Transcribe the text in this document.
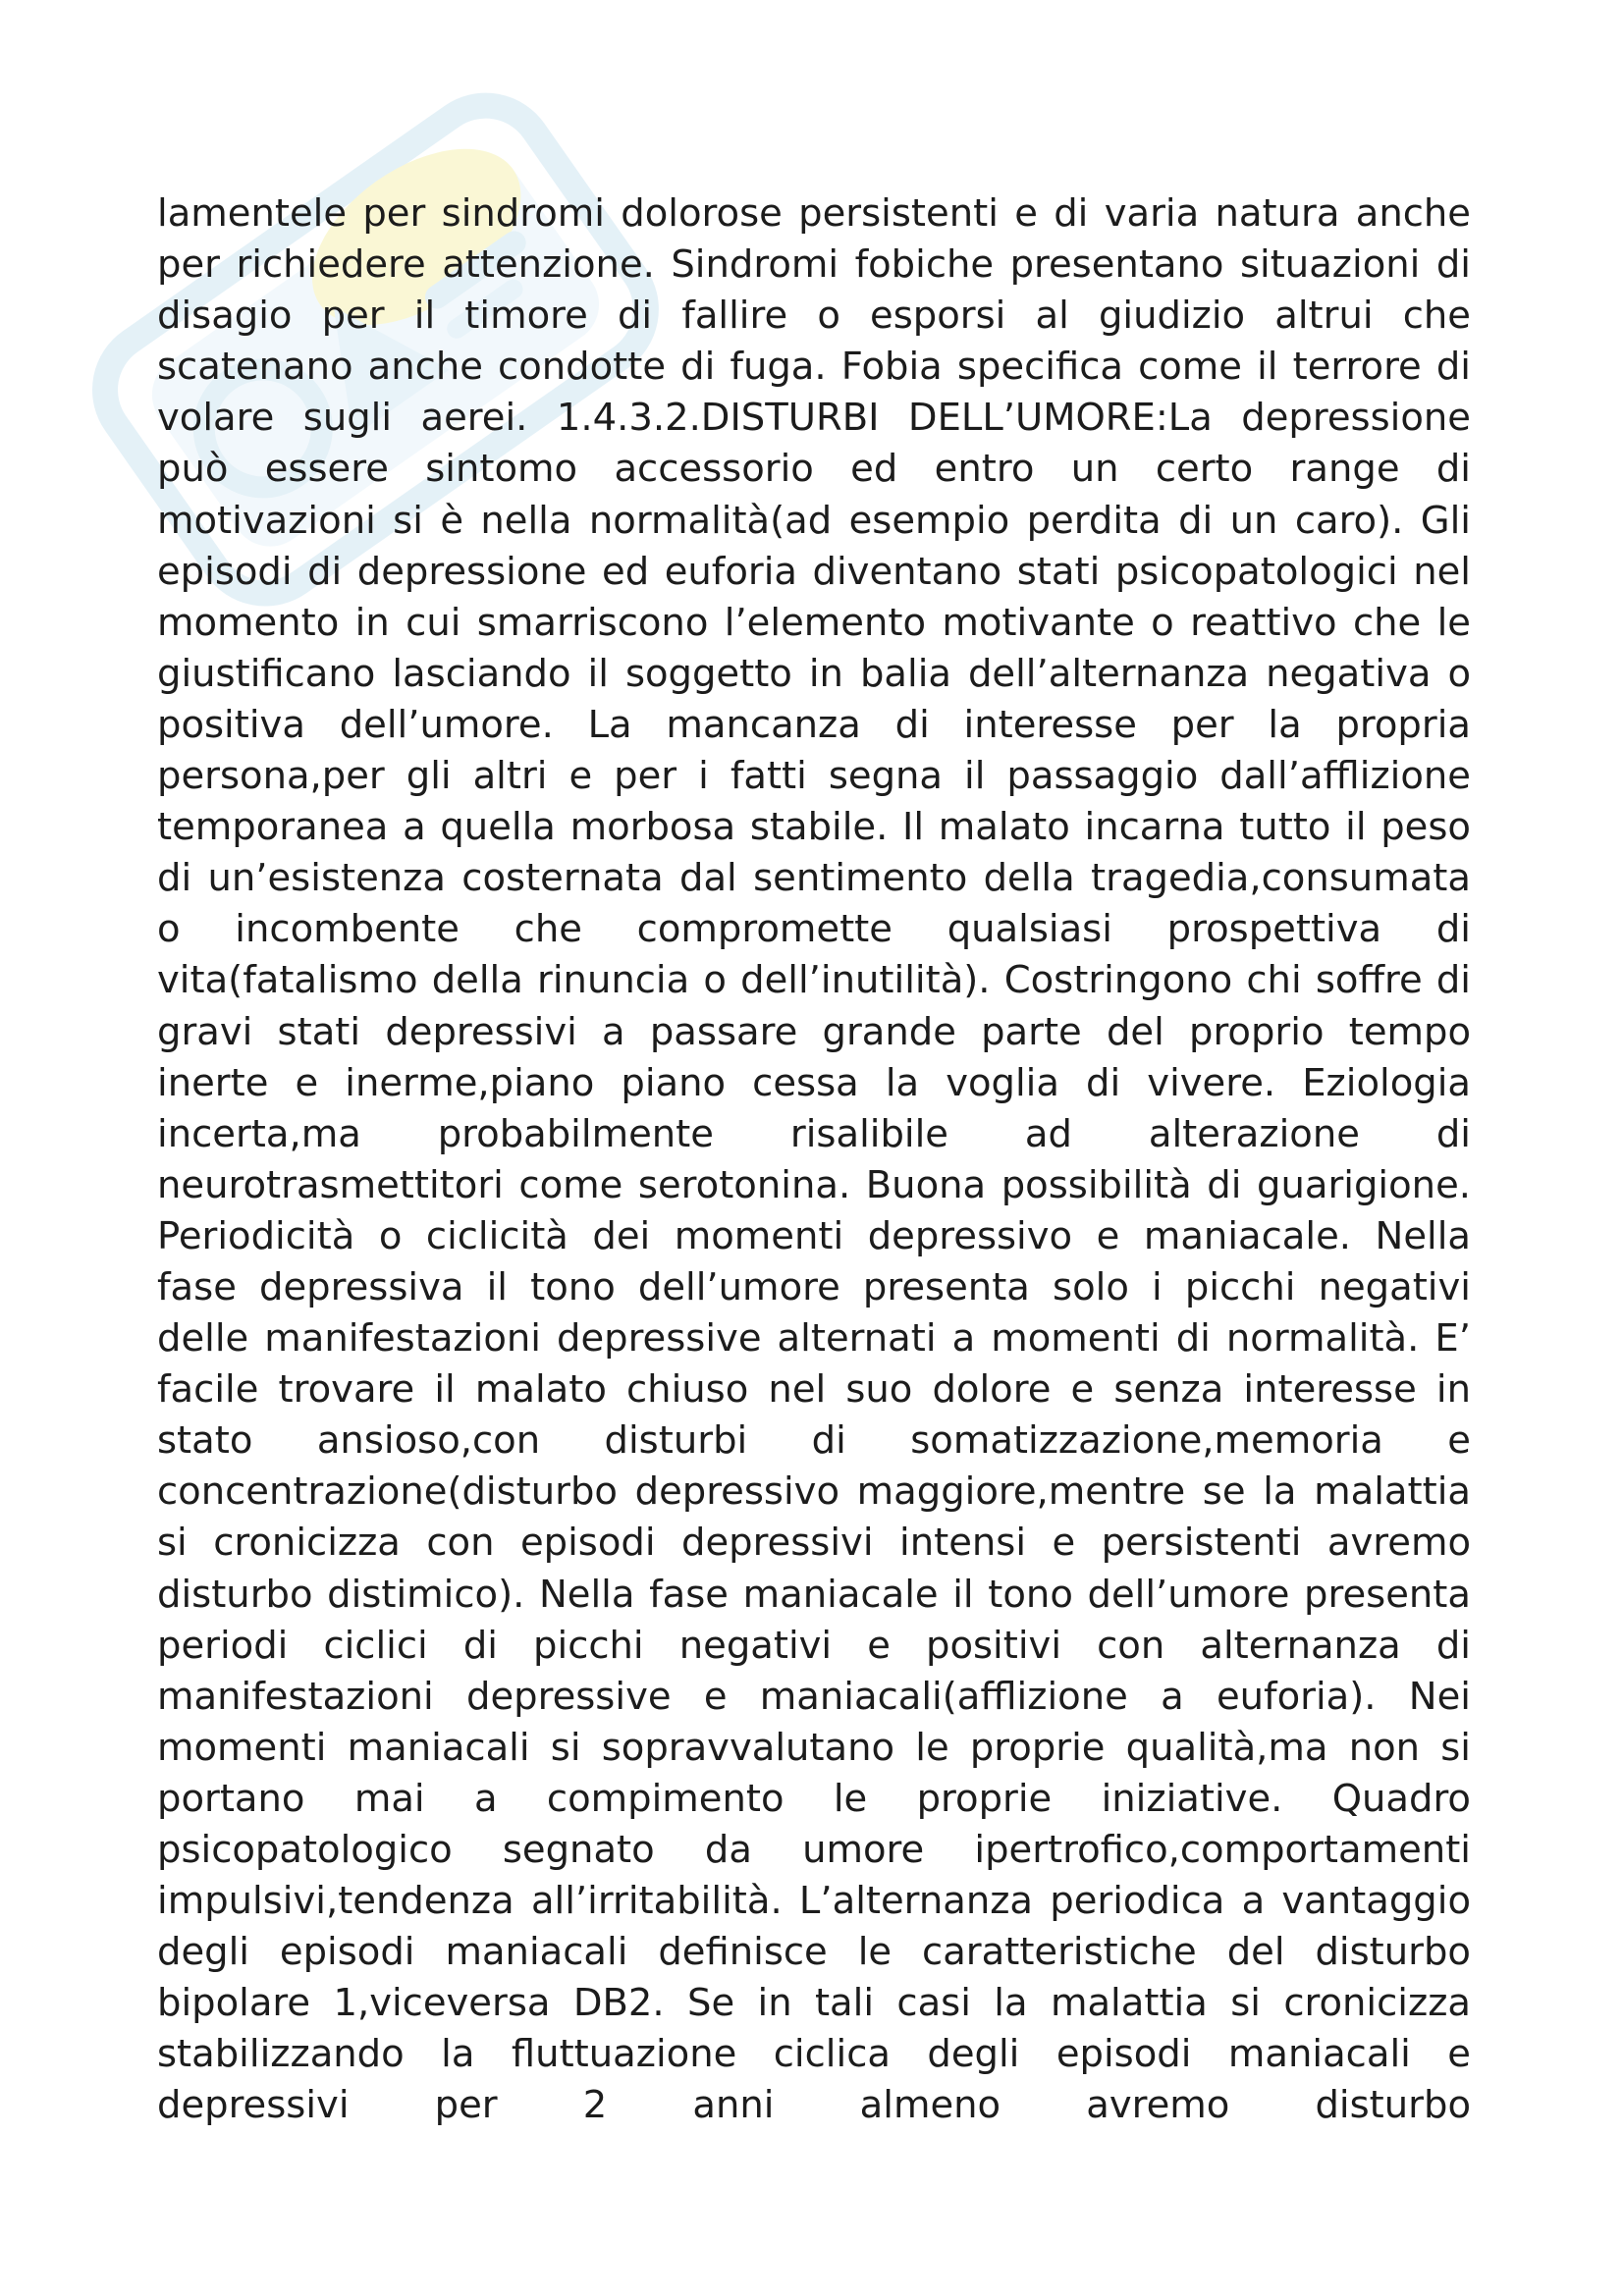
lamentele per sindromi dolorose persistenti e di varia natura anche
per richiedere attenzione. Sindromi fobiche presentano situazioni di
disagio per il timore di fallire o esporsi al giudizio altrui che
scatenano anche condotte di fuga. Fobia specifica come il terrore di
volare sugli aerei. 1.4.3.2.DISTURBI DELL’UMORE:La depressione
può essere sintomo accessorio ed entro un certo range di
motivazioni si è nella normalità(ad esempio perdita di un caro). Gli
episodi di depressione ed euforia diventano stati psicopatologici nel
momento in cui smarriscono l’elemento motivante o reattivo che le
giustificano lasciando il soggetto in balia dell’alternanza negativa o
positiva dell’umore. La mancanza di interesse per la propria
persona,per gli altri e per i fatti segna il passaggio dall’afflizione
temporanea a quella morbosa stabile. Il malato incarna tutto il peso
di un’esistenza costernata dal sentimento della tragedia,consumata
o incombente che compromette qualsiasi prospettiva di
vita(fatalismo della rinuncia o dell’inutilità). Costringono chi soffre di
gravi stati depressivi a passare grande parte del proprio tempo
inerte e inerme,piano piano cessa la voglia di vivere. Eziologia
incerta,ma probabilmente risalibile ad alterazione di
neurotrasmettitori come serotonina. Buona possibilità di guarigione.
Periodicità o ciclicità dei momenti depressivo e maniacale. Nella
fase depressiva il tono dell’umore presenta solo i picchi negativi
delle manifestazioni depressive alternati a momenti di normalità. E’
facile trovare il malato chiuso nel suo dolore e senza interesse in
stato ansioso,con disturbi di somatizzazione,memoria e
concentrazione(disturbo depressivo maggiore,mentre se la malattia
si cronicizza con episodi depressivi intensi e persistenti avremo
disturbo distimico). Nella fase maniacale il tono dell’umore presenta
periodi ciclici di picchi negativi e positivi con alternanza di
manifestazioni depressive e maniacali(afflizione a euforia). Nei
momenti maniacali si sopravvalutano le proprie qualità,ma non si
portano mai a compimento le proprie iniziative. Quadro
psicopatologico segnato da umore ipertrofico,comportamenti
impulsivi,tendenza all’irritabilità. L’alternanza periodica a vantaggio
degli episodi maniacali definisce le caratteristiche del disturbo
bipolare 1,viceversa DB2. Se in tali casi la malattia si cronicizza
stabilizzando la fluttuazione ciclica degli episodi maniacali e
depressivi per 2 anni almeno avremo disturbo
